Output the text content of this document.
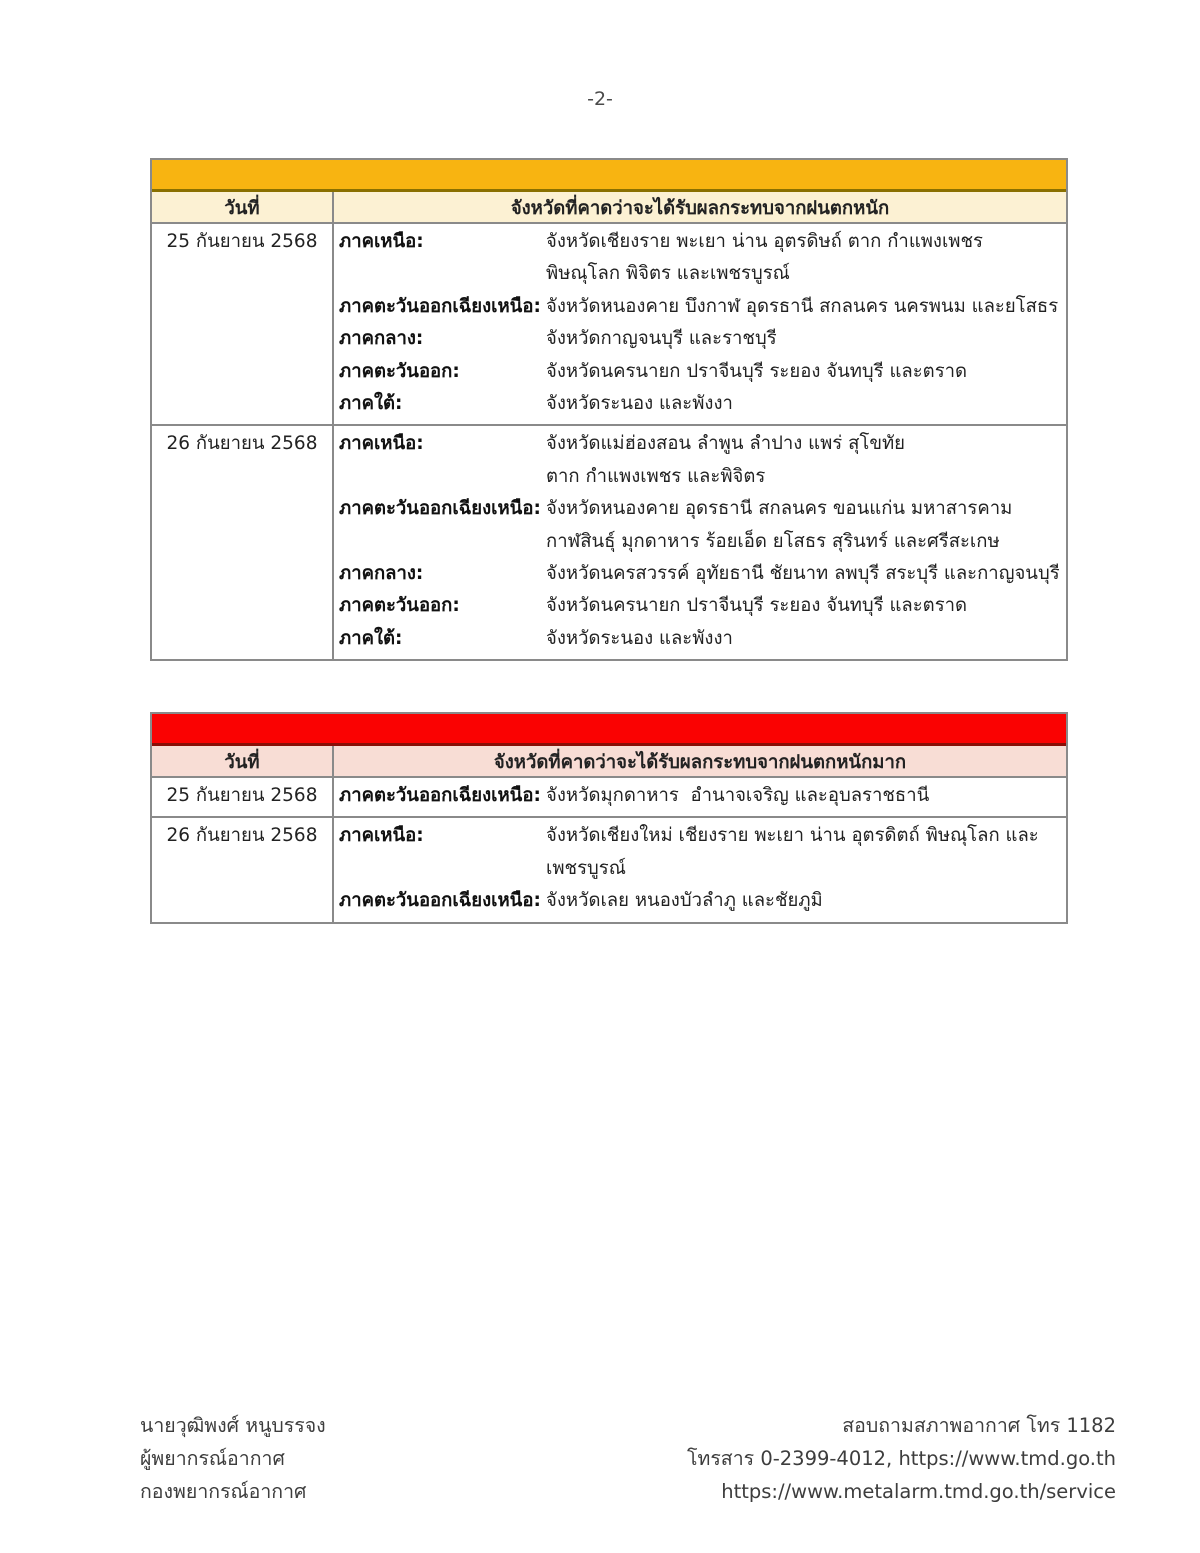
-2-
วันที่	จังหวัดที่คาดว่าจะได้รับผลกระทบจากฝนตกหนัก
25 กันยายน 2568	ภาคเหนือ:	จังหวัดเชียงราย พะเยา น่าน อุตรดิษถ์ ตาก กำแพงเพชร
พิษณุโลก พิจิตร และเพชรบูรณ์
ภาคตะวันออกเฉียงเหนือ: จังหวัดหนองคาย บึงกาฬ อุดรธานี สกลนคร นครพนม และยโสธร
ภาคกลาง:	จังหวัดกาญจนบุรี และราชบุรี
ภาคตะวันออก:	จังหวัดนครนายก ปราจีนบุรี ระยอง จันทบุรี และตราด
ภาคใต้:	จังหวัดระนอง และพังงา
26 กันยายน 2568	ภาคเหนือ:	จังหวัดแม่ฮ่องสอน ลำพูน ลำปาง แพร่ สุโขทัย
ตาก กำแพงเพชร และพิจิตร
ภาคตะวันออกเฉียงเหนือ: จังหวัดหนองคาย อุดรธานี สกลนคร ขอนแก่น มหาสารคาม
กาฬสินธุ์ มุกดาหาร ร้อยเอ็ด ยโสธร สุรินทร์ และศรีสะเกษ
ภาคกลาง:	จังหวัดนครสวรรค์ อุทัยธานี ชัยนาท ลพบุรี สระบุรี และกาญจนบุรี
ภาคตะวันออก:	จังหวัดนครนายก ปราจีนบุรี ระยอง จันทบุรี และตราด
ภาคใต้:	จังหวัดระนอง และพังงา
วันที่	จังหวัดที่คาดว่าจะได้รับผลกระทบจากฝนตกหนักมาก
25 กันยายน 2568	ภาคตะวันออกเฉียงเหนือ: จังหวัดมุกดาหาร  อำนาจเจริญ และอุบลราชธานี
26 กันยายน 2568	ภาคเหนือ:	จังหวัดเชียงใหม่ เชียงราย พะเยา น่าน อุตรดิตถ์ พิษณุโลก และเพชรบูรณ์
ภาคตะวันออกเฉียงเหนือ: จังหวัดเลย หนองบัวลำภู และชัยภูมิ
นายวุฒิพงศ์ หนูบรรจง
ผู้พยากรณ์อากาศ
กองพยากรณ์อากาศ
สอบถามสภาพอากาศ โทร 1182
โทรสาร 0-2399-4012, https://www.tmd.go.th
https://www.metalarm.tmd.go.th/service
